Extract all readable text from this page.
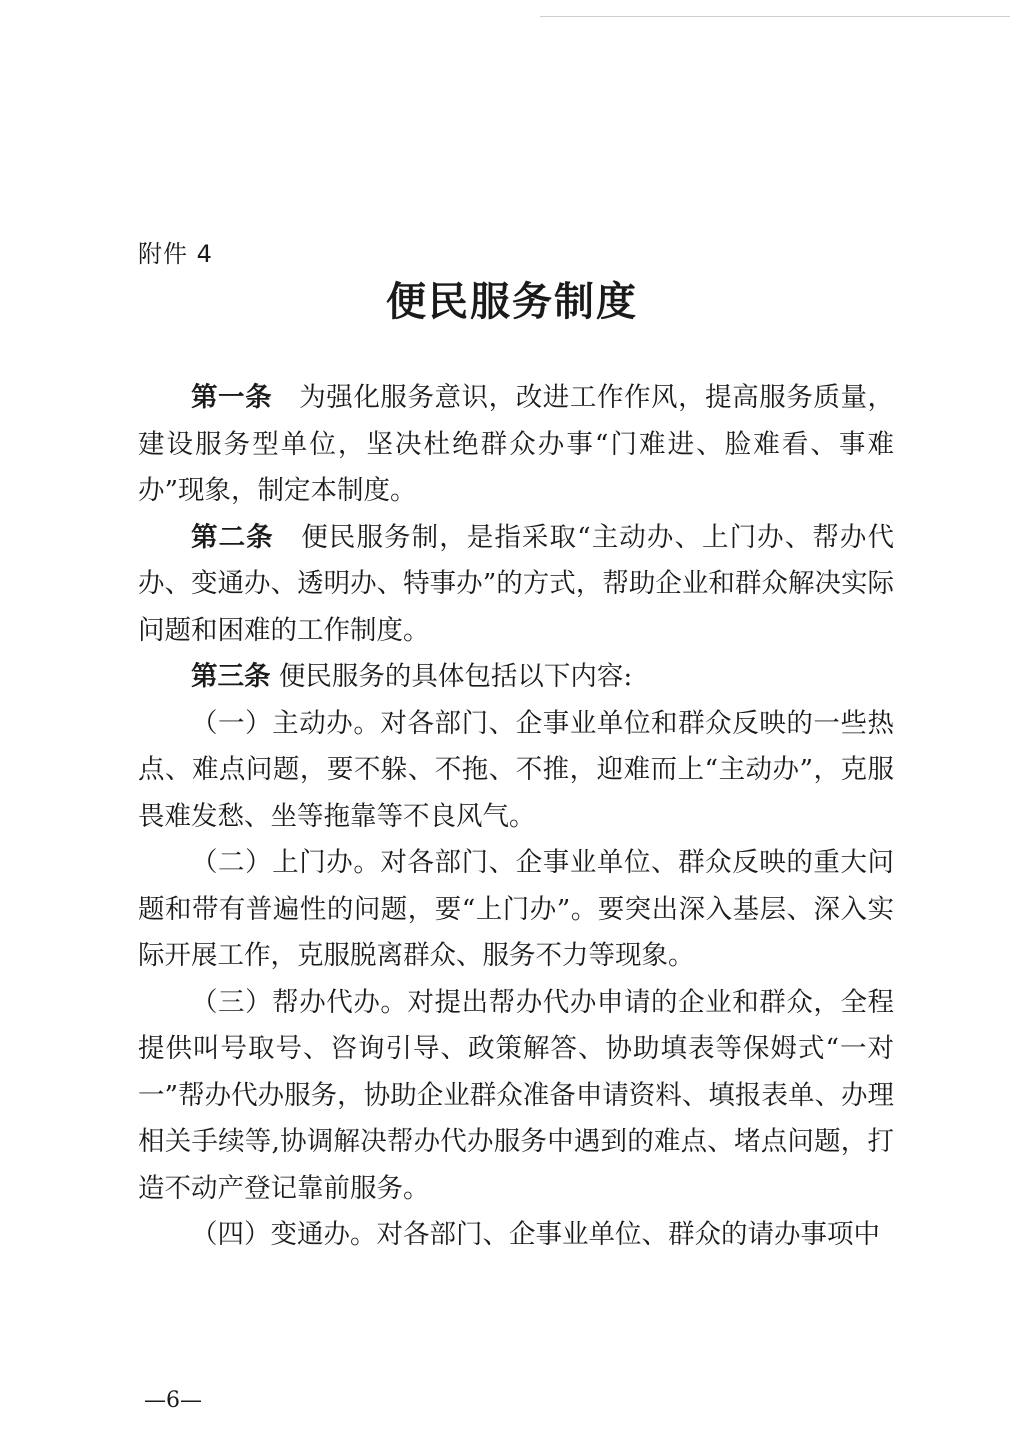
附件 4
便民服务制度

第一条　为强化服务意识，改进工作作风，提高服务质量，建设服务型单位，坚决杜绝群众办事“门难进、脸难看、事难办”现象，制定本制度。

第二条　便民服务制，是指采取“主动办、上门办、帮办代办、变通办、透明办、特事办”的方式，帮助企业和群众解决实际问题和困难的工作制度。

第三条 便民服务的具体包括以下内容:

（一）主动办。对各部门、企事业单位和群众反映的一些热点、难点问题，要不躲、不拖、不推，迎难而上“主动办”，克服畏难发愁、坐等拖靠等不良风气。

（二）上门办。对各部门、企事业单位、群众反映的重大问题和带有普遍性的问题，要“上门办”。要突出深入基层、深入实际开展工作，克服脱离群众、服务不力等现象。

（三）帮办代办。对提出帮办代办申请的企业和群众，全程提供叫号取号、咨询引导、政策解答、协助填表等保姆式“一对一”帮办代办服务，协助企业群众准备申请资料、填报表单、办理相关手续等,协调解决帮办代办服务中遇到的难点、堵点问题，打造不动产登记靠前服务。

（四）变通办。对各部门、企事业单位、群众的请办事项中

—6—
